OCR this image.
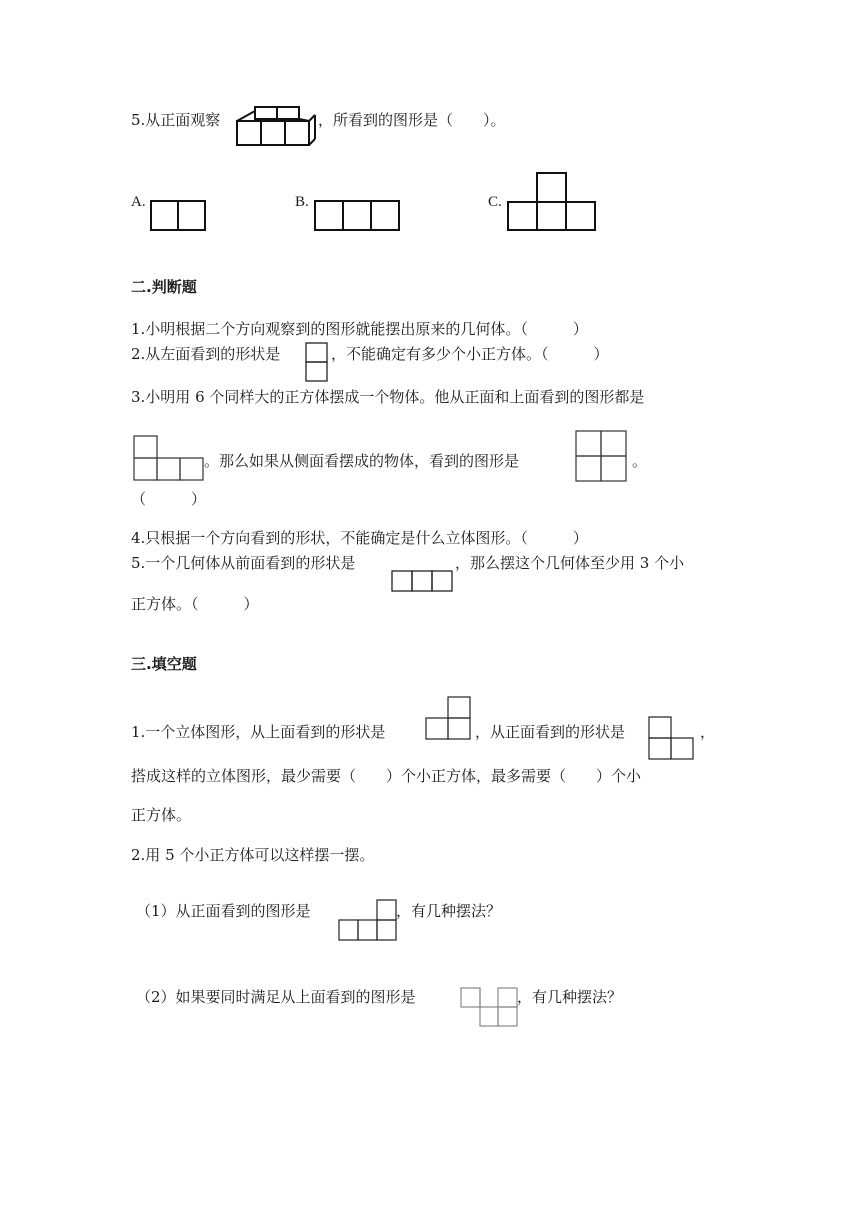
5.从正面观察	，所看到的图形是（　　）。
A.	B.	C.
二.判断题
1.小明根据二个方向观察到的图形就能摆出原来的几何体。（　　　）
2.从左面看到的形状是	，不能确定有多少个小正方体。（　　　）
3.小明用 6 个同样大的正方体摆成一个物体。他从正面和上面看到的图形都是
。那么如果从侧面看摆成的物体，看到的图形是	。
（　　　）
4.只根据一个方向看到的形状，不能确定是什么立体图形。（　　　）
5.一个几何体从前面看到的形状是	，那么摆这个几何体至少用 3 个小
正方体。（　　　）
三.填空题
1.一个立体图形，从上面看到的形状是	，从正面看到的形状是	，
搭成这样的立体图形，最少需要（　　）个小正方体，最多需要（　　）个小
正方体。
2.用 5 个小正方体可以这样摆一摆。
（1）从正面看到的图形是	，有几种摆法？
（2）如果要同时满足从上面看到的图形是	，有几种摆法？
